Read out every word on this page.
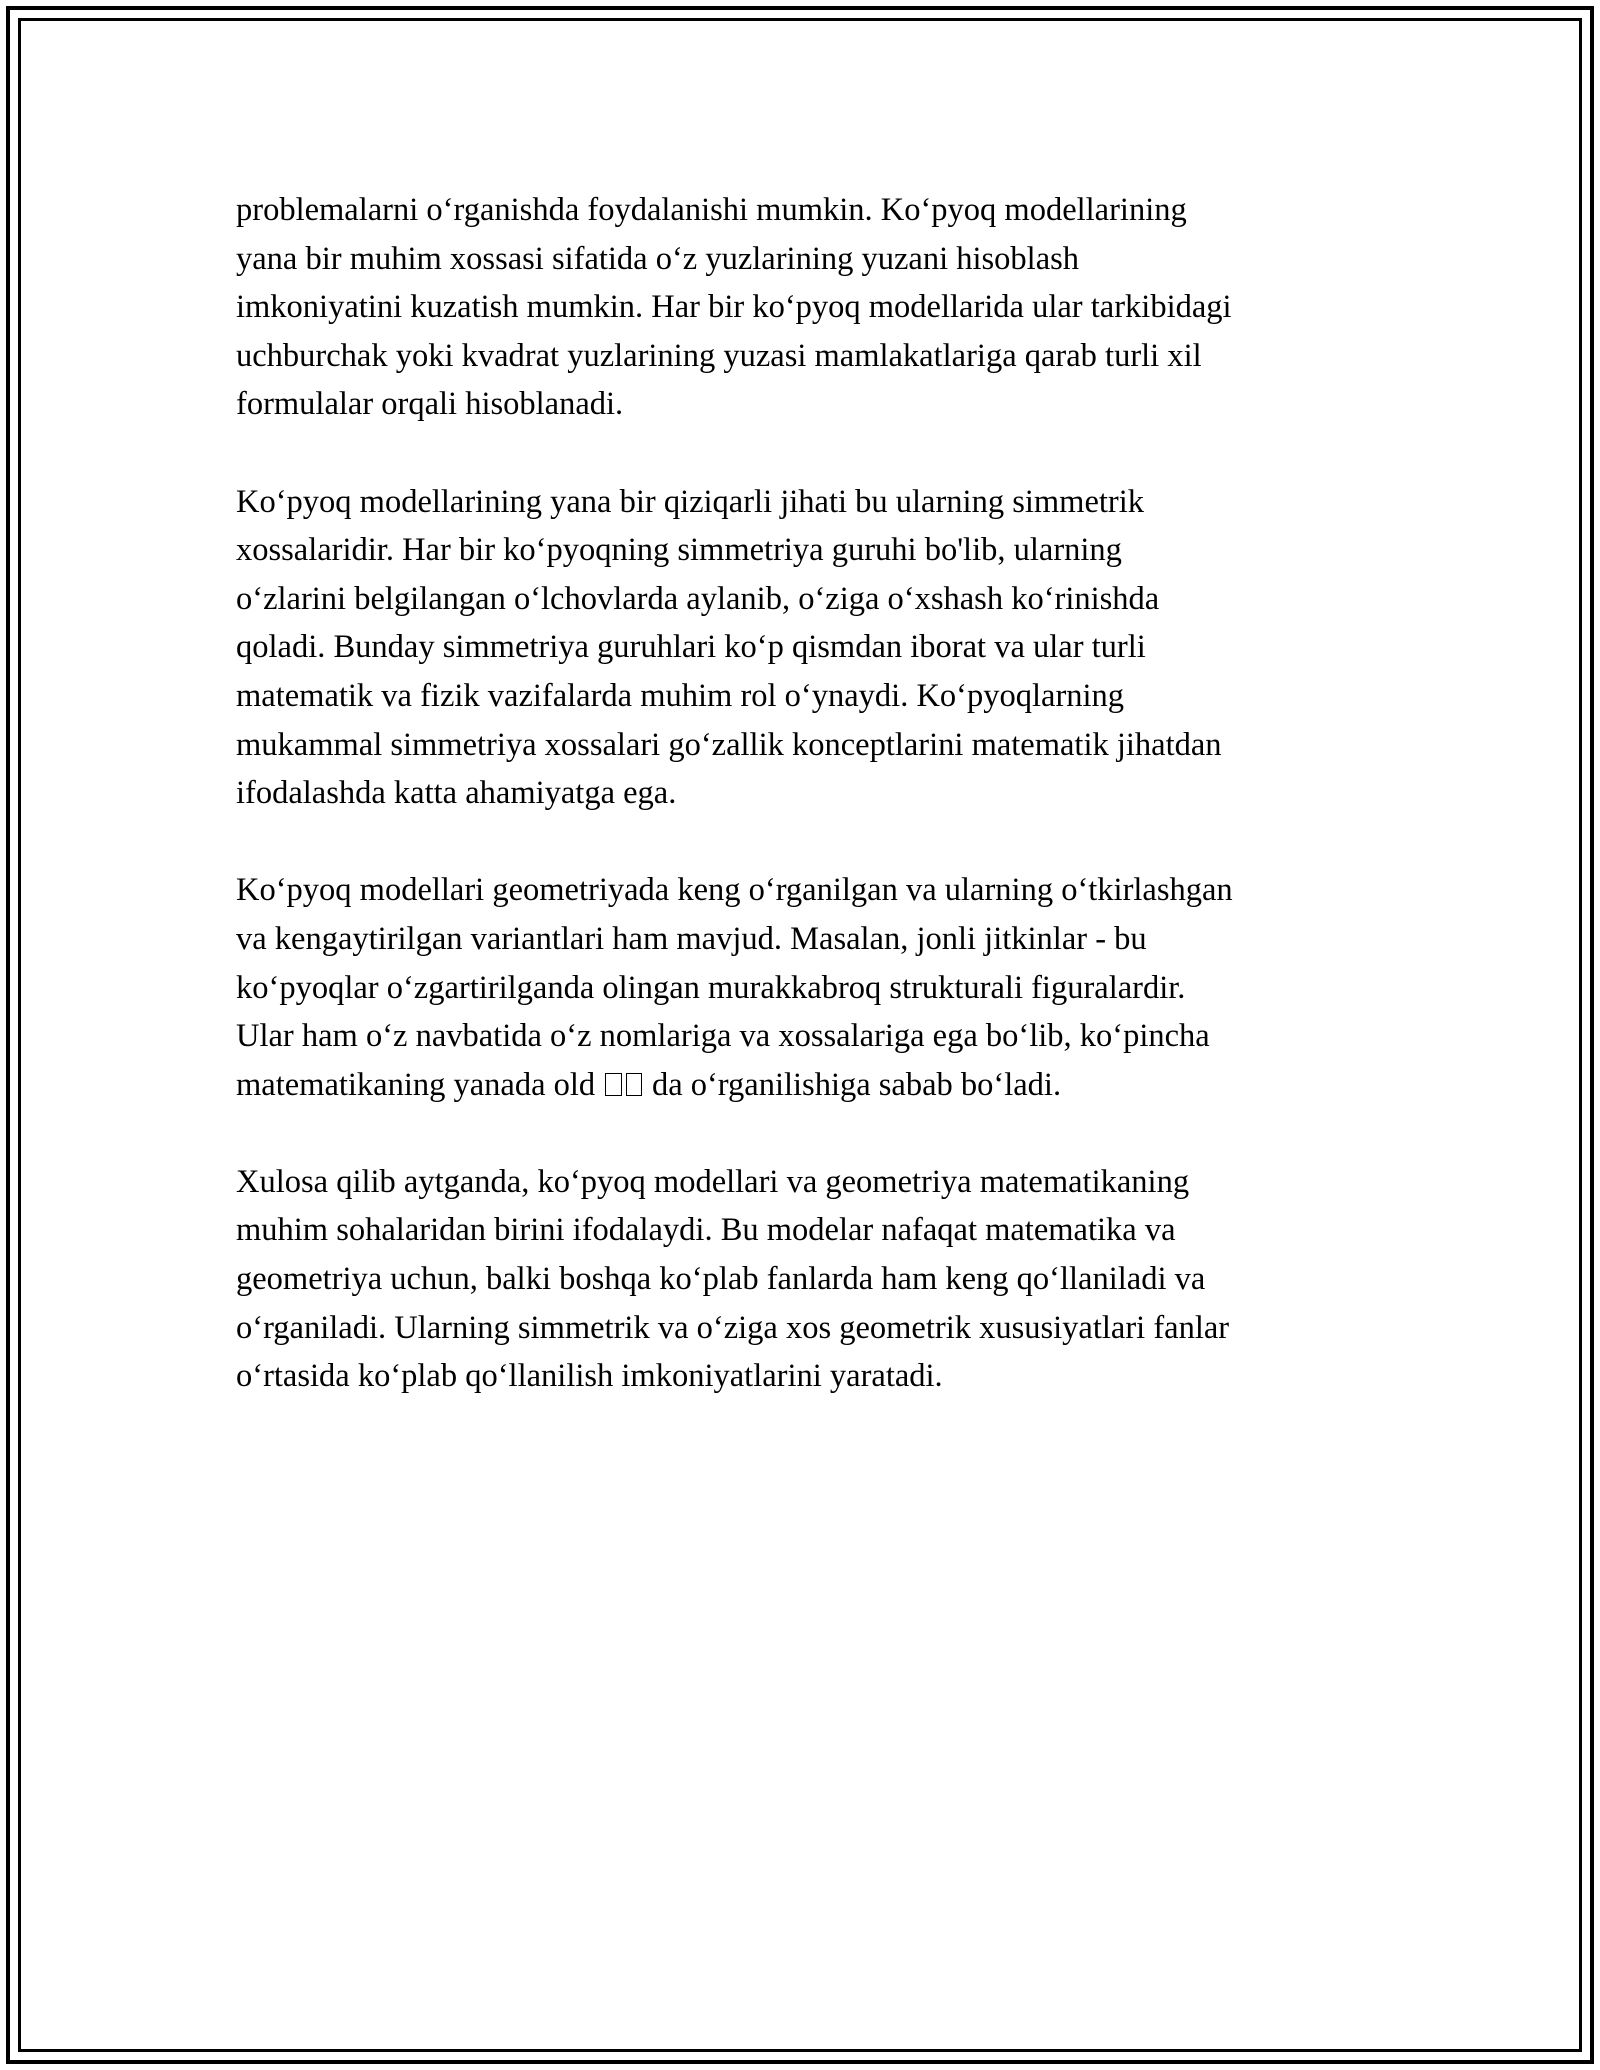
problemalarni oʻrganishda foydalanishi mumkin. Koʻpyoq modellarining
yana bir muhim xossasi sifatida oʻz yuzlarining yuzani hisoblash
imkoniyatini kuzatish mumkin. Har bir koʻpyoq modellarida ular tarkibidagi
uchburchak yoki kvadrat yuzlarining yuzasi mamlakatlariga qarab turli xil
formulalar orqali hisoblanadi.

Koʻpyoq modellarining yana bir qiziqarli jihati bu ularning simmetrik
xossalaridir. Har bir koʻpyoqning simmetriya guruhi bo'lib, ularning
oʻzlarini belgilangan oʻlchovlarda aylanib, oʻziga oʻxshash koʻrinishda
qoladi. Bunday simmetriya guruhlari koʻp qismdan iborat va ular turli
matematik va fizik vazifalarda muhim rol oʻynaydi. Koʻpyoqlarning
mukammal simmetriya xossalari goʻzallik konceptlarini matematik jihatdan
ifodalashda katta ahamiyatga ega.

Koʻpyoq modellari geometriyada keng oʻrganilgan va ularning oʻtkirlashgan
va kengaytirilgan variantlari ham mavjud. Masalan, jonli jitkinlar - bu
koʻpyoqlar oʻzgartirilganda olingan murakkabroq strukturali figuralardir.
Ular ham oʻz navbatida oʻz nomlariga va xossalariga ega boʻlib, koʻpincha
matematikaning yanada old da oʻrganilishiga sabab boʻladi.

Xulosa qilib aytganda, koʻpyoq modellari va geometriya matematikaning
muhim sohalaridan birini ifodalaydi. Bu modelar nafaqat matematika va
geometriya uchun, balki boshqa koʻplab fanlarda ham keng qoʻllaniladi va
oʻrganiladi. Ularning simmetrik va oʻziga xos geometrik xususiyatlari fanlar
oʻrtasida koʻplab qoʻllanilish imkoniyatlarini yaratadi.
